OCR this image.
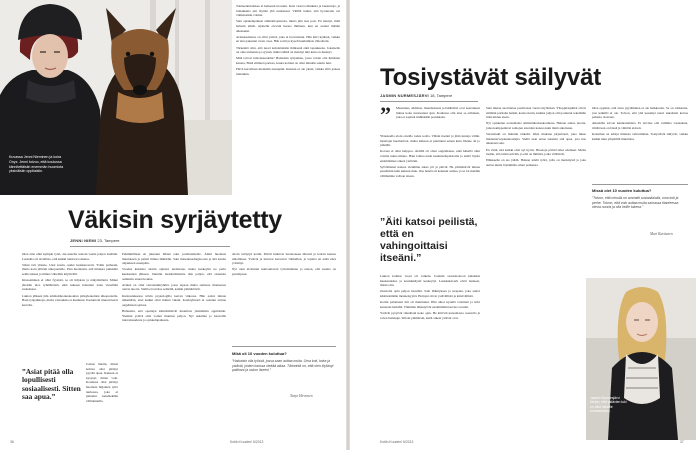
Kuvassa Jenni Nieminen ja koira Onyx. Jenni toivoo, että koulussa kiinnitettäisiin enemmän huomiota yksinäisiin oppilaisiin.

Toimeentulotukea ei hetkessä irronnut. Kela vaati todistuksia ja lausuntoja, ja lomakkeita piti täyttää yhä uudestaan. Välillä tuntui, että byrokratia vei viimeisetkin voimat.

Sain opiskelupaikan ammattiopistosta, mutta jäin taas pois. En tiennyt, mitä halusin tehdä. Ajattelin olevani huono ihminen, kun en saanut mitään aikaiseksi.

Avainasemassa on ollut ystävä, joka ei luovuttanut. Hän kävi kylässä, vaikka en aina jaksanut avata ovea. Hän soitti ja kyseli kuulumisia viikoittain.

Tärkeintä olisi, että nuori kohdattaisiin ihmisenä eikä tapauksena. Jokaisella on oma tarinansa ja syynsä, miksi elämä on mennyt niin kuin on mennyt.

Mitä toivon tulevaisuudelta? Haluaisin työpaikan, jossa voisin olla ihmisten kanssa. Ehkä eläinten parissa, koska koirani on ollut minulle suurin tuki.

Päivä kerrallaan mennään eteenpäin. Kukaan ei ole yksin, vaikka siltä joskus tuntuukin.

Väkisin syrjäytetty
JENNI NIEMI 23, Tampere

Olen aina ollut kympin tyttö, ala-asteella saatoin vaatia paljon itseltäni. Luokalla oli tavallista, että kaikki tunsivat toisensa.

Sitten tuli yläaste. Uusi koulu, uudet luokkatoverit. Yritin parhaani, mutta koin jääväni ulkopuolelle. Pian huomasin, että minusta puhuttiin selän takana ja minua vältettiin käytävillä.

Kiusaaminen ei ollut fyysistä, se oli hiljaista ja näkymätöntä. Minut jätettiin ulos ryhmätöistä, eikä kukaan halunnut istua vierelläni ruokalassa.

Lukion jälkeen jäin ammattikorkeakoulun pääsykokeiden ulkopuolelle. Hain työpaikkoja, mutta vastauksia ei kuulunut. Itsetuntoni mureni kerta kerralta.

”Asiat pitää olla lopullisesti sosiaalisesti. Sitten saa apua.”

Joskus mietin, missä kohtaa olisi pitänyt pyytää apua. Kukaan ei kysynyt, miten voin. Koulussa olisi pitänyt huomata hiljainen tyttö nurkassa, joka ei puhunut kenellekään välitunneilla.

Pahimmillaan en jaksanut lähteä edes postilaatikolle. Äitini huomasi muutoksen ja patisti minua lääkäriin. Sain masennusdiagnoosin ja sitä kautta ohjauksen eteenpäin.

Vuoden kuluttua aloitin opinnot uudestaan, mutta keskeytin ne parin kuukauden jälkeen. Jännitin luokkatilanteita niin paljon, että oksensin aamuisin ennen koulua.

Avuksi on ollut vertaistukiryhmä, jossa tapaan muita samassa tilanteessa olevia nuoria. Siellä ei tarvitse selitellä, kaikki ymmärtävät.

Kuntoutuksessa kävin psykologilla kerran viikossa. Hän auttoi minua näkemään, ettei kaikki ollut minun vikani. Kouluyhteisö ei osannut tarttua ongelmaan ajoissa.

Haluaisin, että opettajat kiinnittäisivät huomiota yksinäisiin oppilaisiin. Yksikin ystävä olisi voinut muuttaa paljon. Nyt uskallan jo haaveilla tulevaisuudesta ja opiskelupaikasta.

Aloin vetäytyä kotiin. Päivät kuluivat tietokoneen ääressä ja koiran kanssa ulkoillessa. Ystävät ja tuttavat katosivat vähitellen, ja lopulta en enää edes yrittänyt.

Nyt olen aloittanut kuntouttavan työtoiminnan ja uskon, että suunta on parempaan.

Mikä oli 10 vuoden kuluttua?
”Haluaisin olla työssä, jossa saan auttaa muita. Oma koti, koira ja ystäviä, joiden kanssa viettää aikaa. Tärkeintä on, että olen löytänyt paikkani ja uskon itseeni.”
Tanja Hirvonen
36	Kotiin Kuuden! 6/2013
Tosiystävät säilyvät
JASMIN NURMESJÄRVI 18, Tampere
” Masennus, ahdistus, itsetuhoisuus ja lukihäiriö ovat seuranneet minua koko nuoruuteni ajan. Koulussa olin aina se erilainen, joka ei sopinut mihinkään porukkaan.

Yläasteella aloin oireilla toden teolla. Viilsin itseäni ja jätin tunteja väliin. Opettajat huomasivat, mutta kukaan ei puuttunut ennen kuin tilanne oli jo pitkällä.

Kotona ei ollut helppoa. Äidillä oli omat ongelmansa, eikä hänellä ollut voimia tukea minua. Hain lohtua netin keskustelupalstoilta ja sieltä löysin ensimmäiset oikeat ystäväni.

Sylväläisten kanssa vietimme aikaa yöt ja päivät. He ymmärsivät minua paremmin kuin kukaan muu. Osa heistä oli kokenut samaa, ja se loi meidän välillemme vahvan siteen.

”Äiti katsoi peilistä, että en vahingoittaisi itseäni.”

Lukion kolmas vuosi oli vaikein. Jouduin osastohoitoon kahdeksi kuukaudeksi, ja koulunkäynti keskeytyi. Luokkakaverit eivät tienneet, missä olin.

Osastolla opin paljon itsestäni. Sain lääkityksen ja terapian, joka auttoi käsittelemään menneisyyttä. Hoitajat olivat ystävällisiä ja kärsivällisiä.

Kotiin palattuani äiti oli muuttunut. Hän alkoi kysellä vointiani ja kävi kanssani lenkillä. Välimme lähentyivät ensimmäistä kertaa vuosiin.

Ystävät pysyivät rinnallani koko ajan. He kävivät katsomassa osastolla ja toivat herkkuja. Silloin ymmärsin, keitä oikeat ystävät ovat.

Sain lukion suoritettua puolitoista vuotta myöhässä. Ylioppilasjuhlat olivat elämäni parhaita hetkiä, koska tiesin, kuinka paljon olin joutunut tekemään töitä niiden eteen.

Nyt opiskelen sosiaalialaa ammattikorkeakoulussa. Haluan auttaa nuoria, jotka kamppailevat samojen asioiden kanssa kuin minä aikoinaan.

Vertaistuki on minulle tärkeää. Olen mukana järjestössä, joka tukee mielenterveyskuntoutujia. Siellä saan antaa takaisin sitä apua, jota itse aikanaan sain.

En väitä, että kaikki olisi nyt hyvin. Huonoja päiviä tulee edelleen. Mutta tiedän, että niistä selviää, ja että on ihmisiä, jotka välittävät.

Eläkkeelle en aio jäädä. Haluan tehdä työtä, jolla on merkitystä ja joka auttaa muita löytämään oman polkunsa.

Olen oppinut, että avun pyytäminen ei ole heikkoutta. Se on rohkeutta, jota kaikilla ei ole. Toivon, että yhä useampi nuori uskaltaisi kertoa pahasta olostaan.

Aikuisilta toivon kuuntelemista. Ei tarvitse olla valmiita vastauksia, riittää kun on läsnä ja välittää aidosti.

Kokemus on tehnyt minusta vahvemman. Tosiystävät säilyvät, vaikka kaikki muu ympärillä muuttuisi.

Missä olet 10 vuoden kuluttua?
”Toivon, että minulla on ammatti sosiaalialalla, oma koti ja perhe. Toivon, että voin auttaa muita samassa tilanteessa olevia nuoria ja olla heille tukena.”
Mari Karttunen
Jasmin Nurmesjärvi kertoo, että ystävien tuki on ollut hänelle korvaamaton.
Kotiin Kuuden! 6/2013	37
